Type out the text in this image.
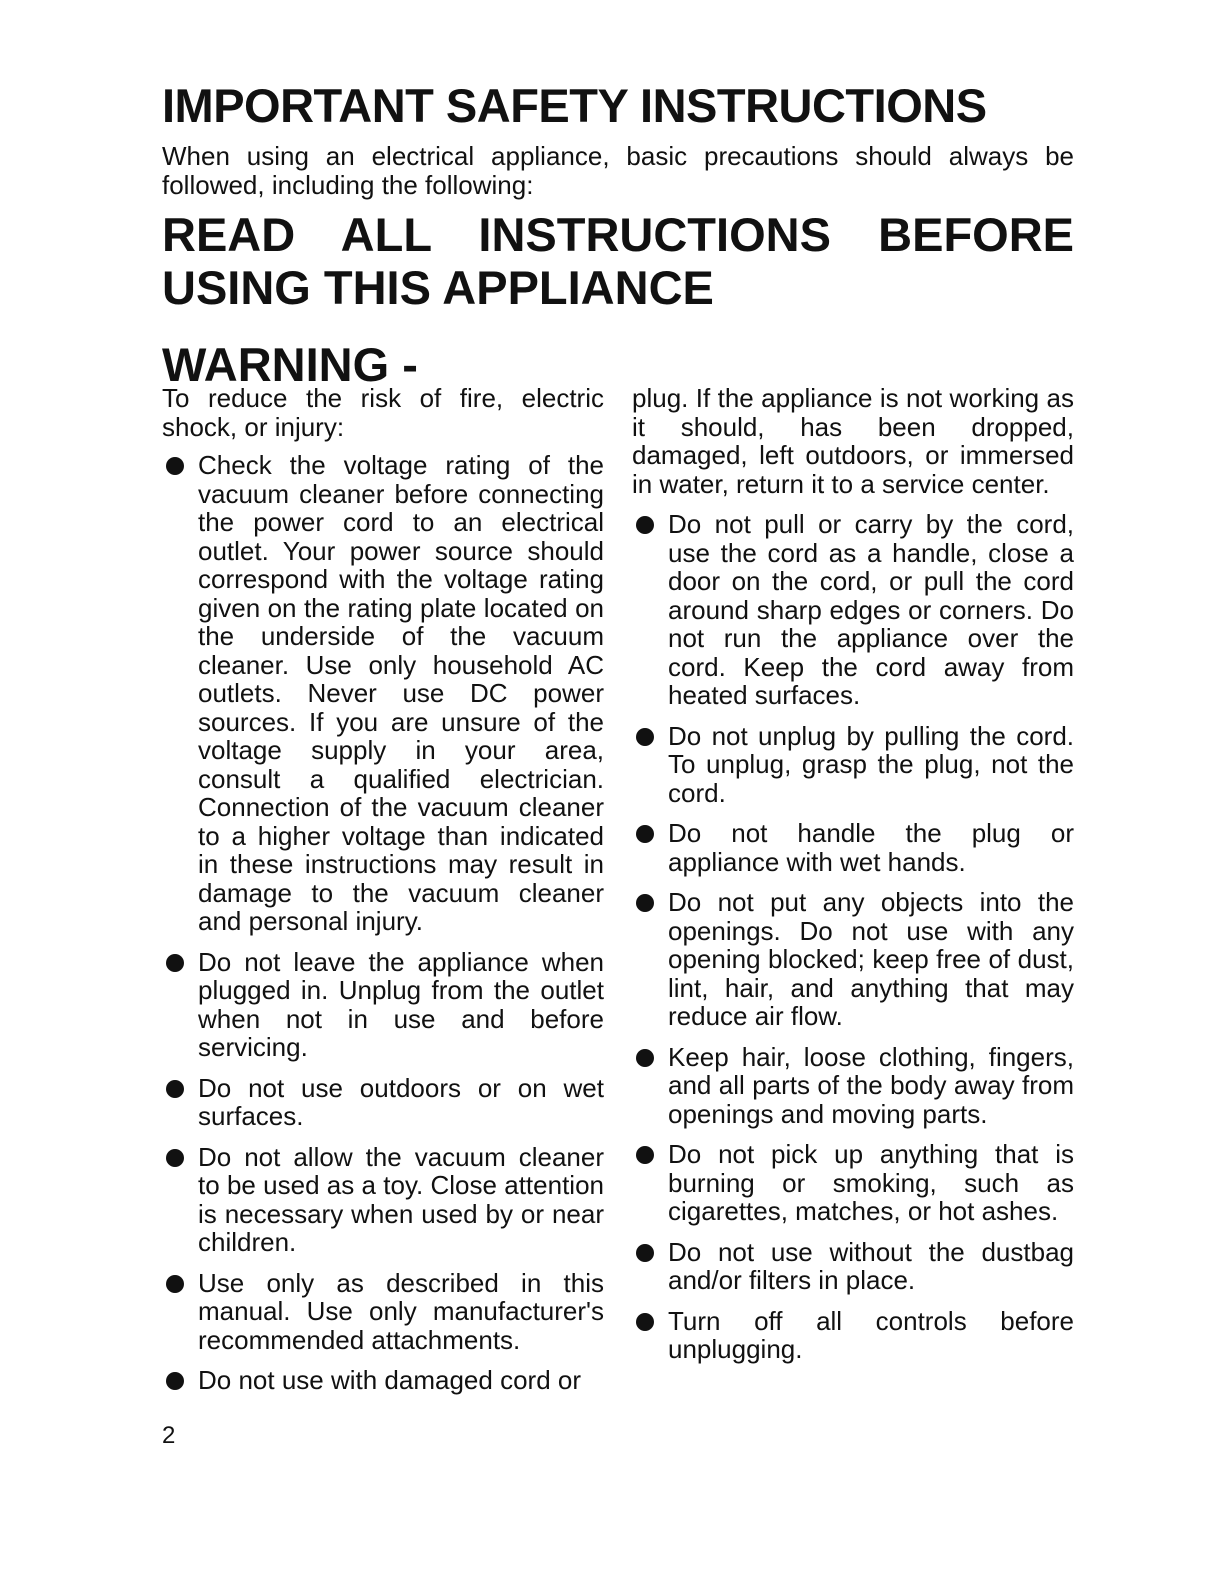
IMPORTANT SAFETY INSTRUCTIONS

When using an electrical appliance, basic precautions should always be followed, including the following:

READ ALL INSTRUCTIONS BEFORE
USING THIS APPLIANCE
WARNING -

To reduce the risk of fire, electric shock, or injury:

Check the voltage rating of the vacuum cleaner before connecting the power cord to an electrical outlet. Your power source should correspond with the voltage rating given on the rating plate located on the underside of the vacuum cleaner. Use only household AC outlets. Never use DC power sources. If you are unsure of the voltage supply in your area, consult a qualified electrician. Connection of the vacuum cleaner to a higher voltage than indicated in these instructions may result in damage to the vacuum cleaner and personal injury.
Do not leave the appliance when plugged in. Unplug from the outlet when not in use and before servicing.
Do not use outdoors or on wet surfaces.
Do not allow the vacuum cleaner to be used as a toy. Close attention is necessary when used by or near children.
Use only as described in this manual. Use only manufacturer's recommended attachments.
Do not use with damaged cord or

plug. If the appliance is not working as it should, has been dropped, damaged, left outdoors, or immersed in water, return it to a service center.

Do not pull or carry by the cord, use the cord as a handle, close a door on the cord, or pull the cord around sharp edges or corners. Do not run the appliance over the cord. Keep the cord away from heated surfaces.
Do not unplug by pulling the cord. To unplug, grasp the plug, not the cord.
Do not handle the plug or appliance with wet hands.
Do not put any objects into the openings. Do not use with any opening blocked; keep free of dust, lint, hair, and anything that may reduce air flow.
Keep hair, loose clothing, fingers, and all parts of the body away from openings and moving parts.
Do not pick up anything that is burning or smoking, such as cigarettes, matches, or hot ashes.
Do not use without the dustbag and/or filters in place.
Turn off all controls before unplugging.
2
